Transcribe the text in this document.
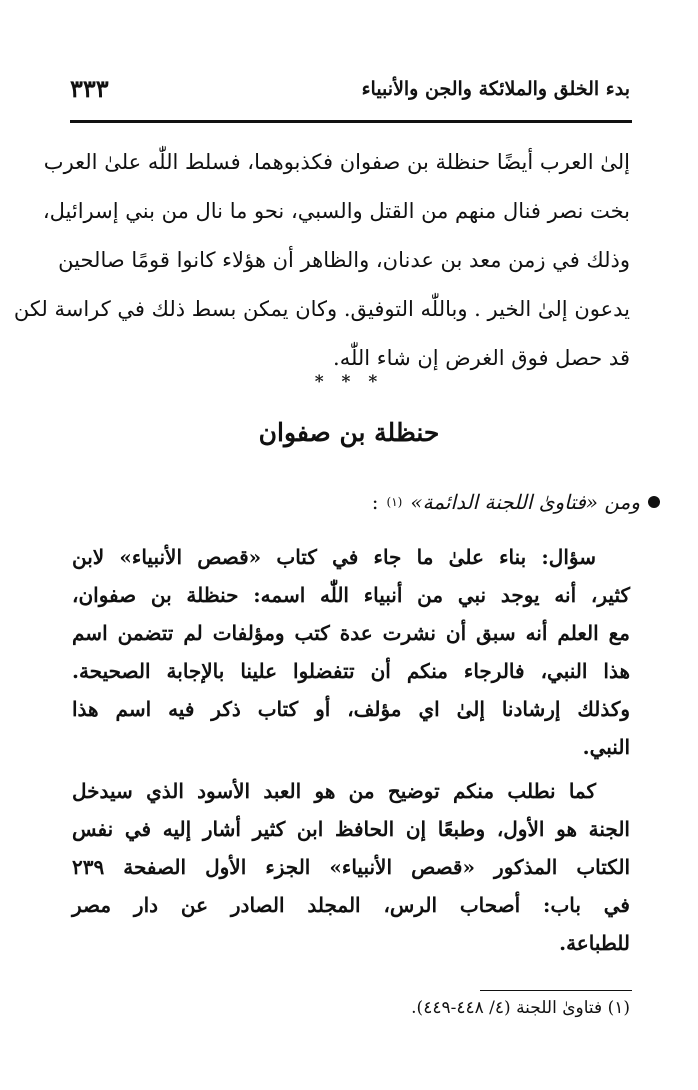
بدء الخلق والملائكة والجن والأنبياء
٣٣٣
إلىٰ العرب أيضًا حنظلة بن صفوان فكذبوهما، فسلط اللّٰه علىٰ العرب
بخت نصر فنال منهم من القتل والسبي، نحو ما نال من بني إسرائيل،
وذلك في زمن معد بن عدنان، والظاهر أن هؤلاء كانوا قومًا صالحين
يدعون إلىٰ الخير . وباللّٰه التوفيق. وكان يمكن بسط ذلك في كراسة لكن
قد حصل فوق الغرض إن شاء اللّٰه.
* * *
حنظلة بن صفوان
ومن «فتاوىٰ اللجنة الدائمة»
(١)
:
سؤال: بناء علىٰ ما جاء في كتاب «قصص الأنبياء» لابن
كثير، أنه يوجد نبي من أنبياء اللّٰه اسمه: حنظلة بن صفوان،
مع العلم أنه سبق أن نشرت عدة كتب ومؤلفات لم تتضمن اسم
هذا النبي، فالرجاء منكم أن تتفضلوا علينا بالإجابة الصحيحة.
وكذلك إرشادنا إلىٰ اي مؤلف، أو كتاب ذكر فيه اسم هذا
النبي.
كما نطلب منكم توضيح من هو العبد الأسود الذي سيدخل
الجنة هو الأول، وطبعًا إن الحافظ ابن كثير أشار إليه في نفس
الكتاب المذكور «قصص الأنبياء» الجزء الأول الصفحة ٢٣٩
في باب: أصحاب الرس، المجلد الصادر عن دار مصر
للطباعة.
(١) فتاوىٰ اللجنة (٤/ ٤٤٨-٤٤٩).
